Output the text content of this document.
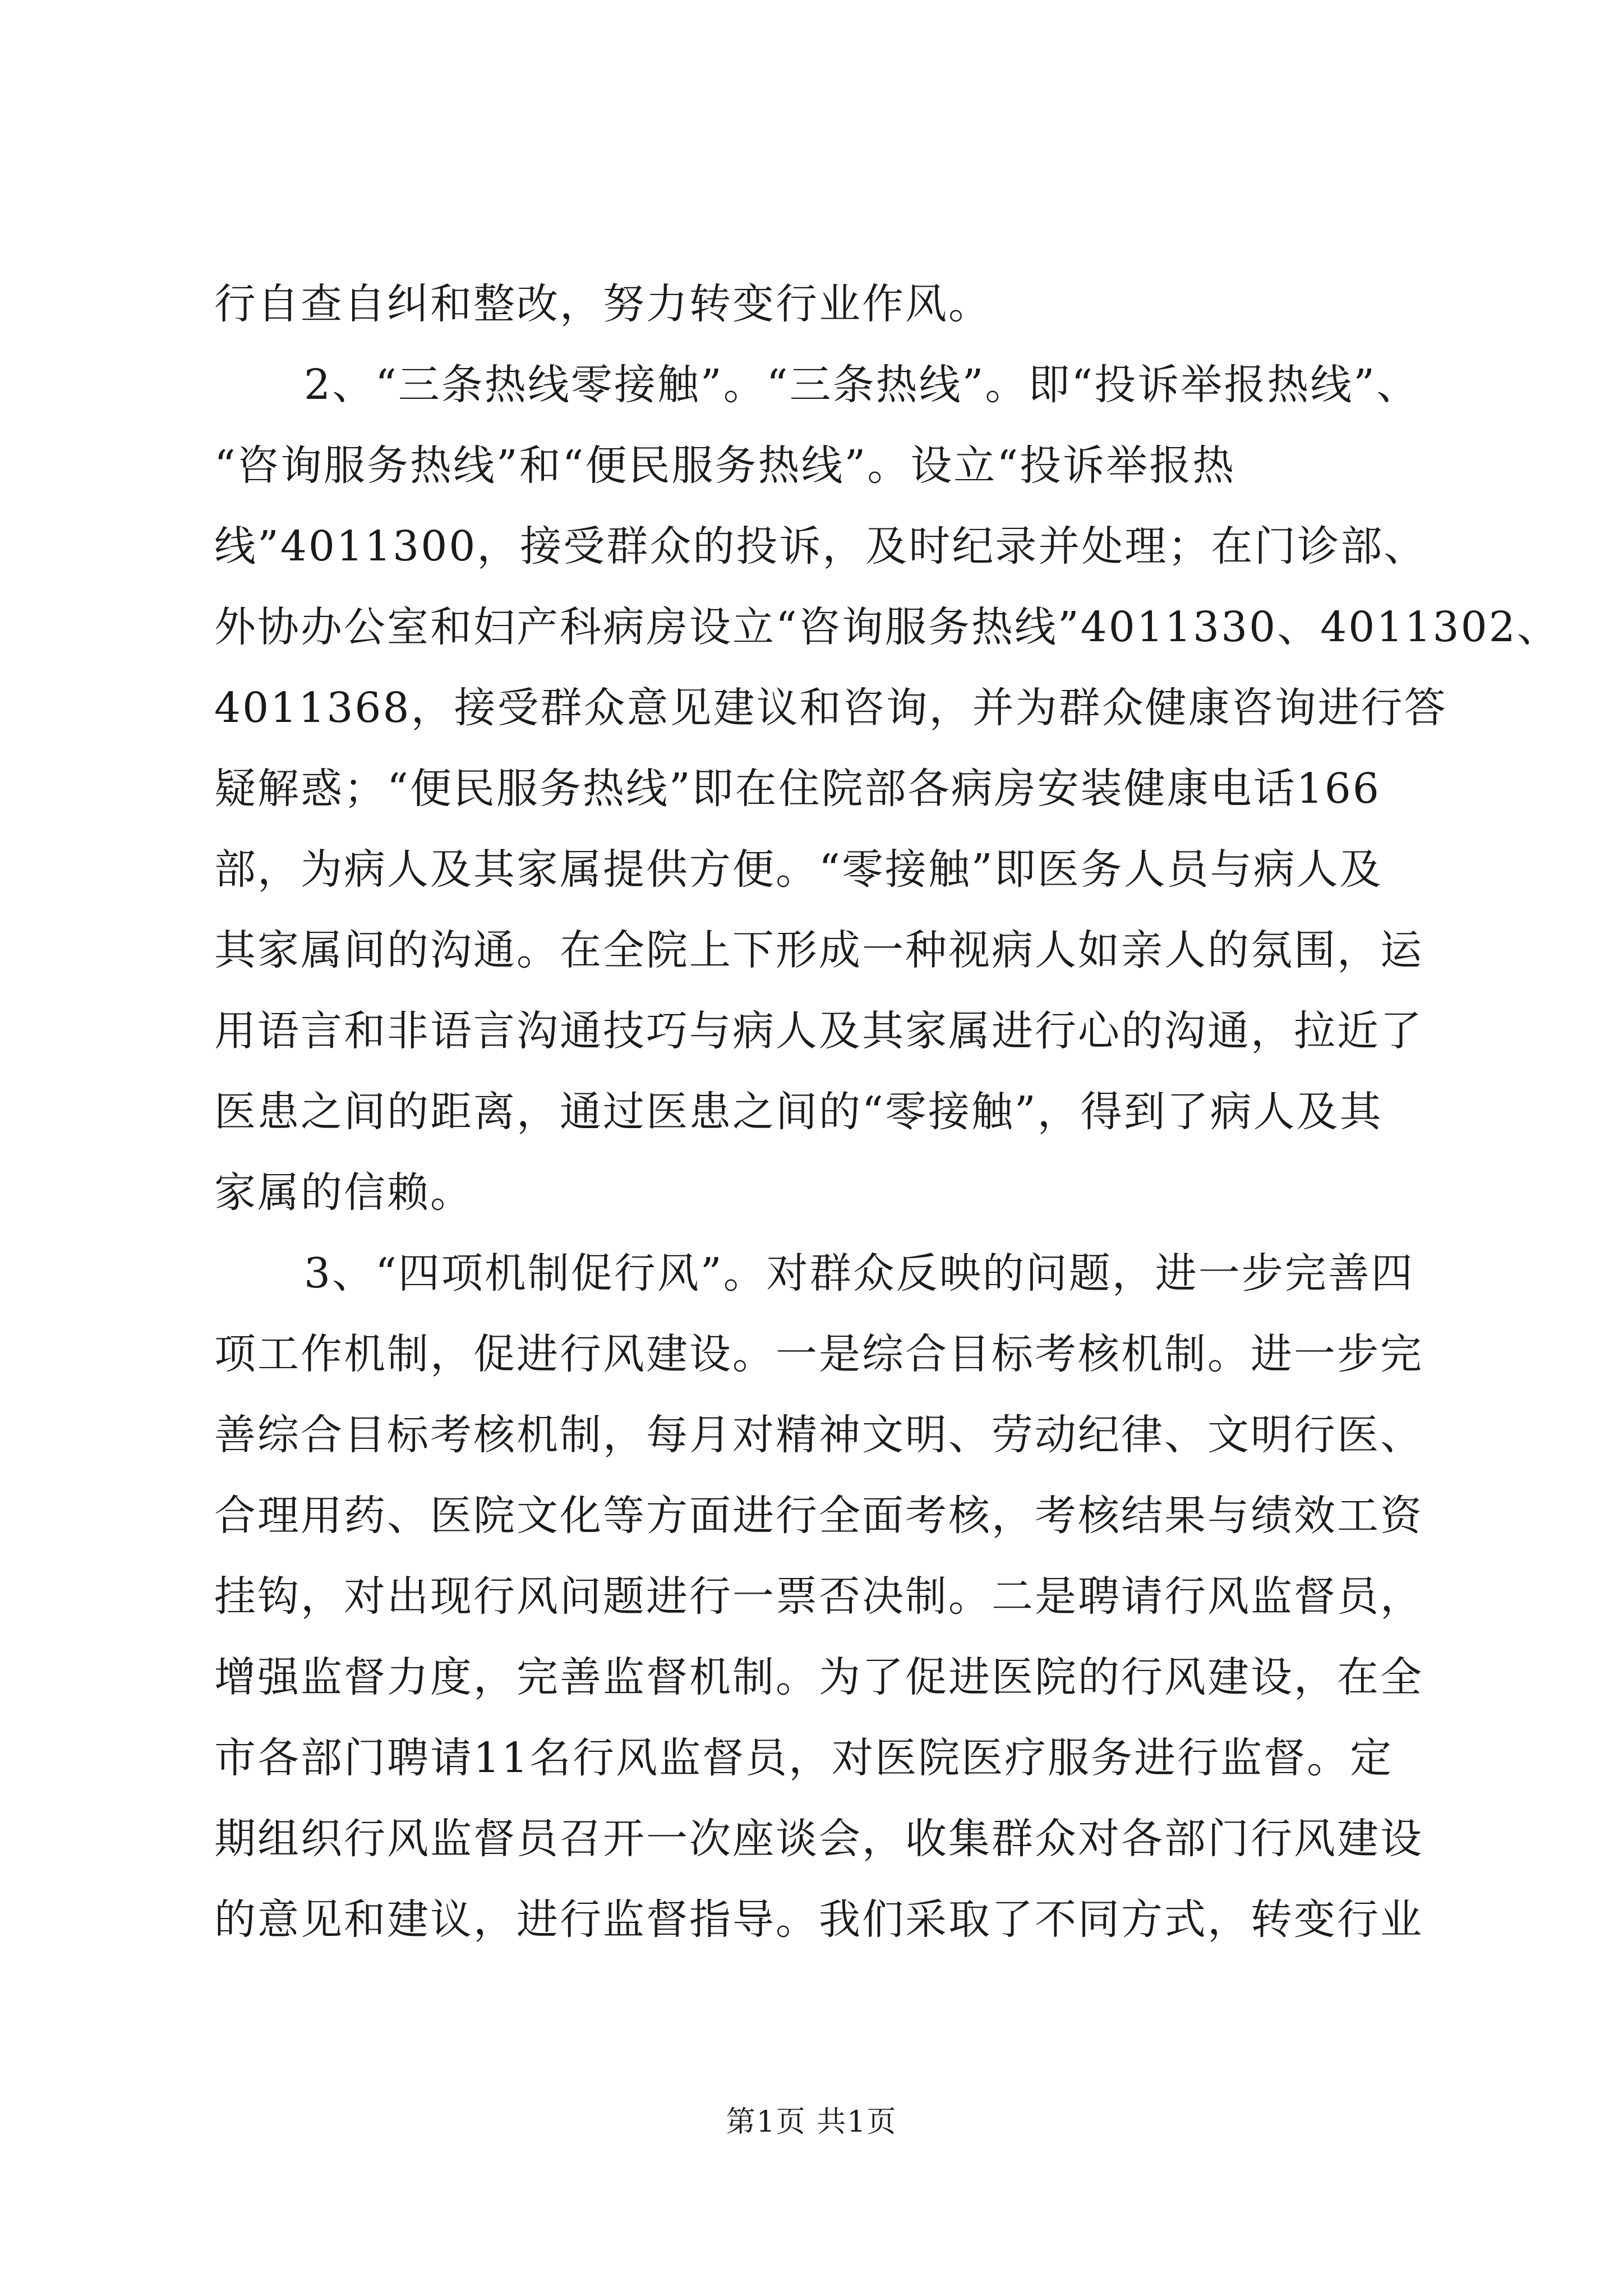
行自查自纠和整改，努力转变行业作风。
2、“三条热线零接触”。“三条热线”。即“投诉举报热线”、
“咨询服务热线”和“便民服务热线”。设立“投诉举报热
线”4011300，接受群众的投诉，及时纪录并处理；在门诊部、
外协办公室和妇产科病房设立“咨询服务热线”4011330、4011302、
4011368，接受群众意见建议和咨询，并为群众健康咨询进行答
疑解惑；“便民服务热线”即在住院部各病房安装健康电话166
部，为病人及其家属提供方便。“零接触”即医务人员与病人及
其家属间的沟通。在全院上下形成一种视病人如亲人的氛围，运
用语言和非语言沟通技巧与病人及其家属进行心的沟通，拉近了
医患之间的距离，通过医患之间的“零接触”，得到了病人及其
家属的信赖。
3、“四项机制促行风”。对群众反映的问题，进一步完善四
项工作机制，促进行风建设。一是综合目标考核机制。进一步完
善综合目标考核机制，每月对精神文明、劳动纪律、文明行医、
合理用药、医院文化等方面进行全面考核，考核结果与绩效工资
挂钩，对出现行风问题进行一票否决制。二是聘请行风监督员，
增强监督力度，完善监督机制。为了促进医院的行风建设，在全
市各部门聘请11名行风监督员，对医院医疗服务进行监督。定
期组织行风监督员召开一次座谈会，收集群众对各部门行风建设
的意见和建议，进行监督指导。我们采取了不同方式，转变行业
第1页 共1页
